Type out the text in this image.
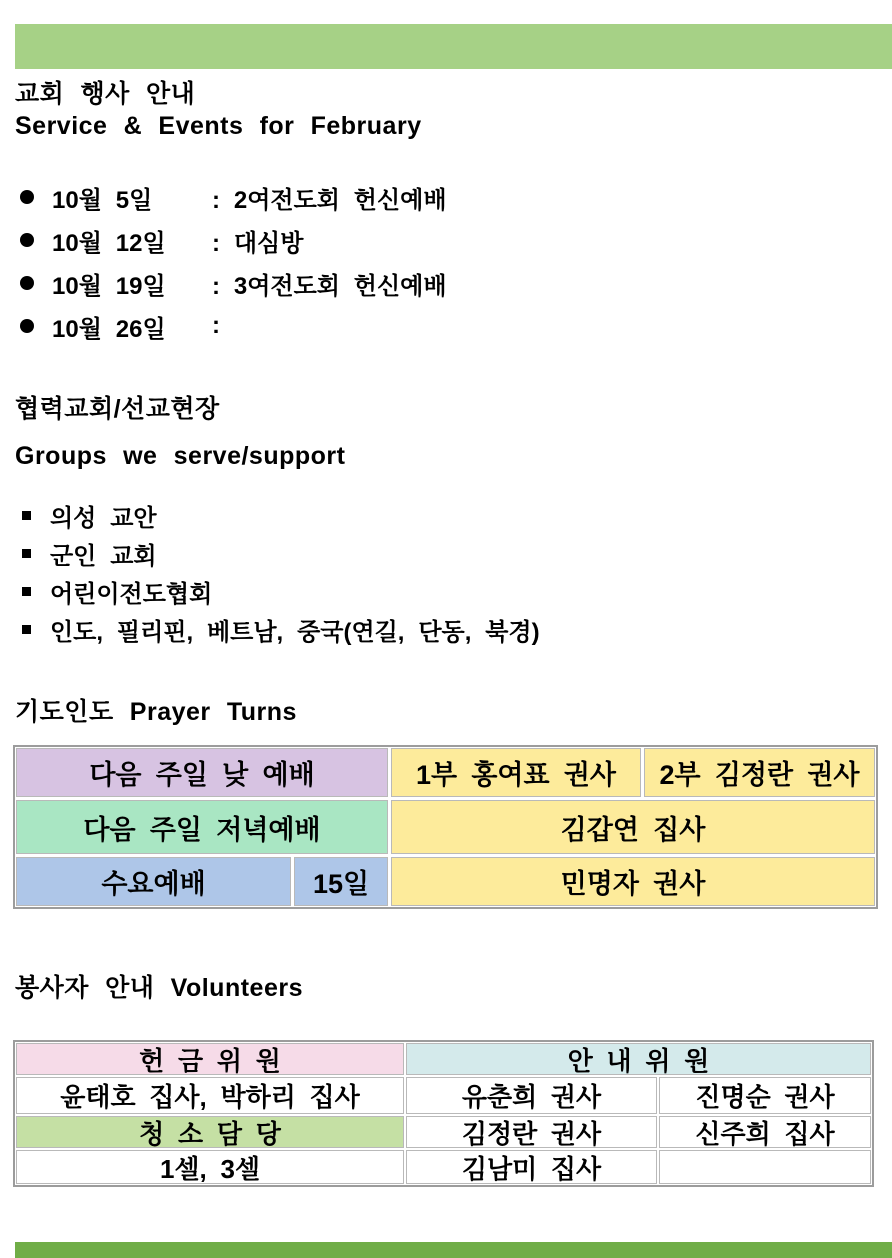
교회 행사 안내
Service & Events for February
10월 5일	: 2여전도회 헌신예배
10월 12일	: 대심방
10월 19일	: 3여전도회 헌신예배
10월 26일	:
협력교회/선교현장
Groups we serve/support
의성 교안
군인 교회
어린이전도협회
인도, 필리핀, 베트남, 중국(연길, 단동, 북경)
기도인도 Prayer Turns
다음 주일 낮 예배	1부 홍여표 권사	2부 김정란 권사
다음 주일 저녁예배	김갑연 집사
수요예배	15일	민명자 권사
봉사자 안내 Volunteers
헌 금 위 원	안 내 위 원
윤태호 집사, 박하리 집사	유춘희 권사	진명순 권사
청 소 담 당	김정란 권사	신주희 집사
1셀, 3셀	김남미 집사
